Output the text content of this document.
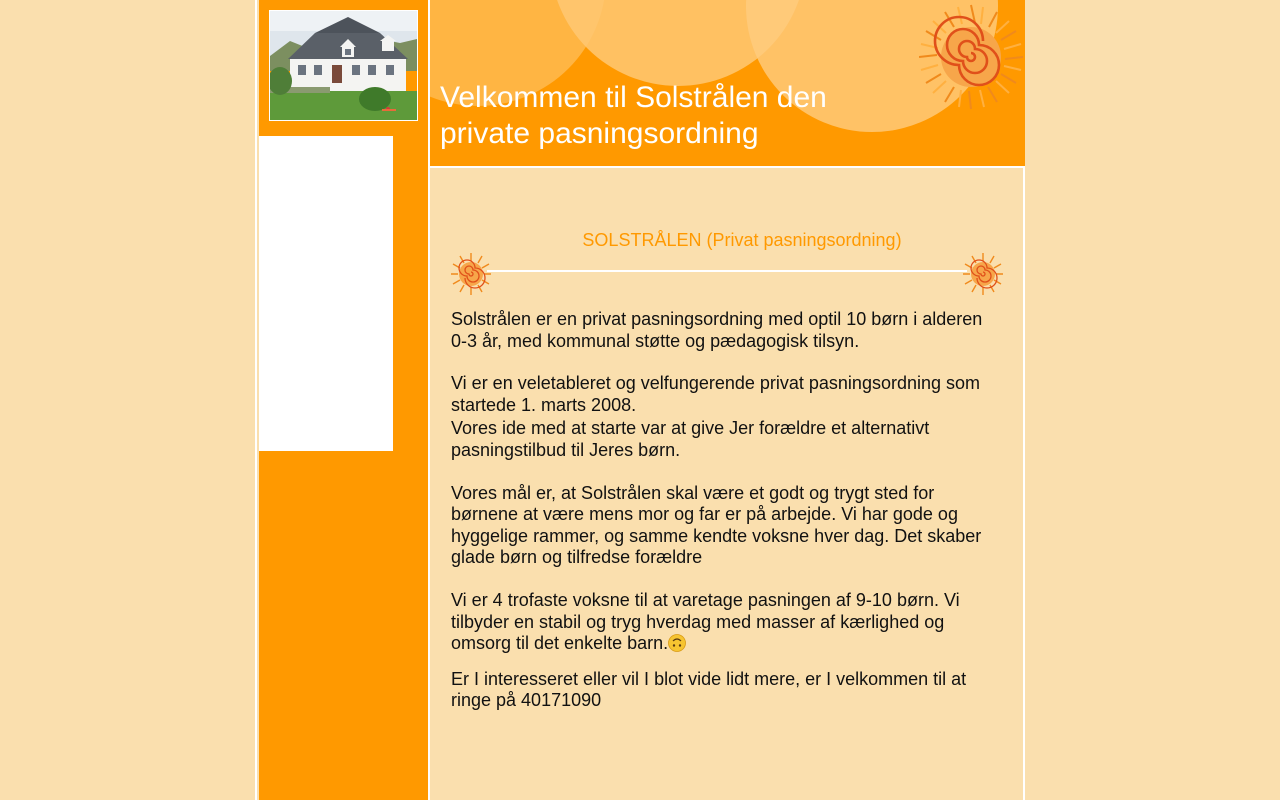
Velkommen til Solstrålen den private pasningsordning
SOLSTRÅLEN (Privat pasningsordning)

Solstrålen er en privat pasningsordning med optil 10 børn i alderen 0-3 år, med kommunal støtte og pædagogisk tilsyn.

Vi er en veletableret og velfungerende privat pasningsordning som startede 1. marts 2008.

Vores ide med at starte var at give Jer forældre et alternativt pasningstilbud til Jeres børn.

Vores mål er, at Solstrålen skal være et godt og trygt sted for børnene at være mens mor og far er på arbejde. Vi har gode og hyggelige rammer, og samme kendte voksne hver dag. Det skaber glade børn og tilfredse forældre

Vi er 4 trofaste voksne til at varetage pasningen af 9-10 børn. Vi tilbyder en stabil og tryg hverdag med masser af kærlighed og omsorg til det enkelte barn.

Er I interesseret eller vil I blot vide lidt mere, er I velkommen til at ringe på 40171090
